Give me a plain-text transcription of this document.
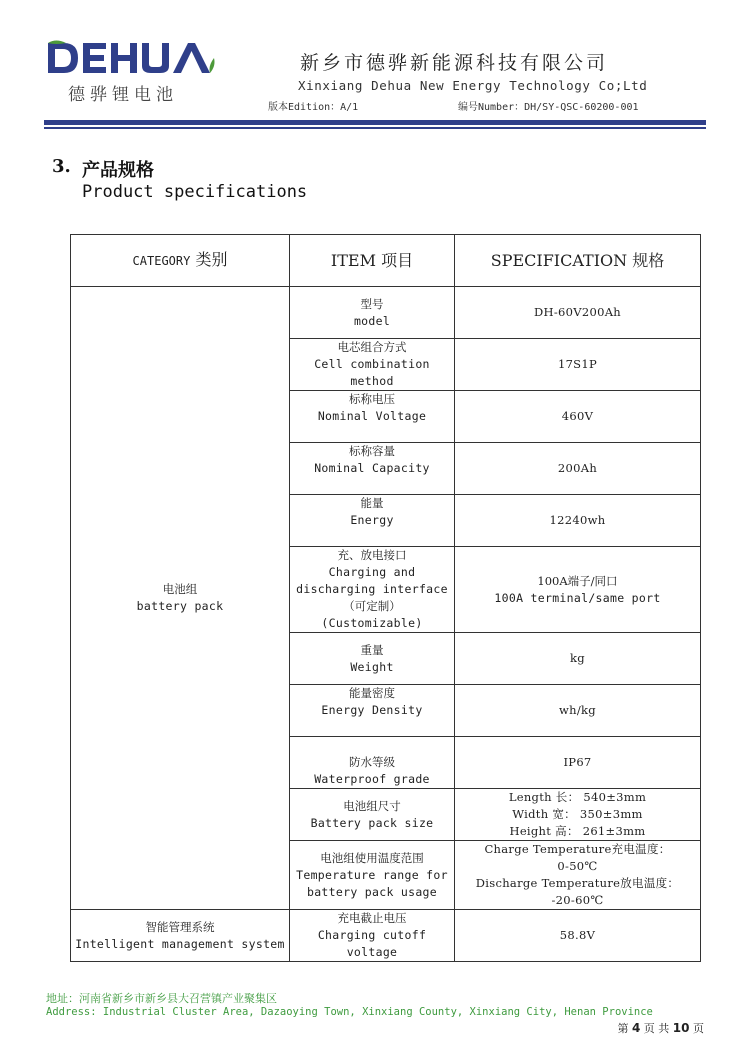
德骅锂电池
新乡市德骅新能源科技有限公司
Xinxiang Dehua New Energy Technology Co;Ltd
版本Edition：A/1	编号Number：DH/SY-QSC-60200-001
3. 产品规格
Product specifications
CATEGORY 类别	ITEM 项目	SPECIFICATION 规格

电池组
battery pack	型号
model	DH-60V200Ah

	电芯组合方式
Cell combination
method	17S1P

	标称电压
Nominal Voltage	460V

	标称容量
Nominal Capacity	200Ah

	能量
Energy	12240wh

	充、放电接口
Charging and
discharging interface
（可定制）
(Customizable)	100A端子/同口
100A terminal/same port

	重量
Weight	kg

	能量密度
Energy Density	wh/kg

	防水等级
Waterproof grade	IP67

	电池组尺寸
Battery pack size	Length 长： 540±3mm
Width 宽： 350±3mm
Height 高： 261±3mm

	电池组使用温度范围
Temperature range for
battery pack usage	Charge Temperature充电温度：
0-50℃
Discharge Temperature放电温度：
-20-60℃

智能管理系统
Intelligent management system	充电截止电压
Charging cutoff
voltage	58.8V
地址：河南省新乡市新乡县大召营镇产业聚集区
Address: Industrial Cluster Area, Dazaoying Town, Xinxiang County, Xinxiang City, Henan Province
第 4 页 共 10 页
